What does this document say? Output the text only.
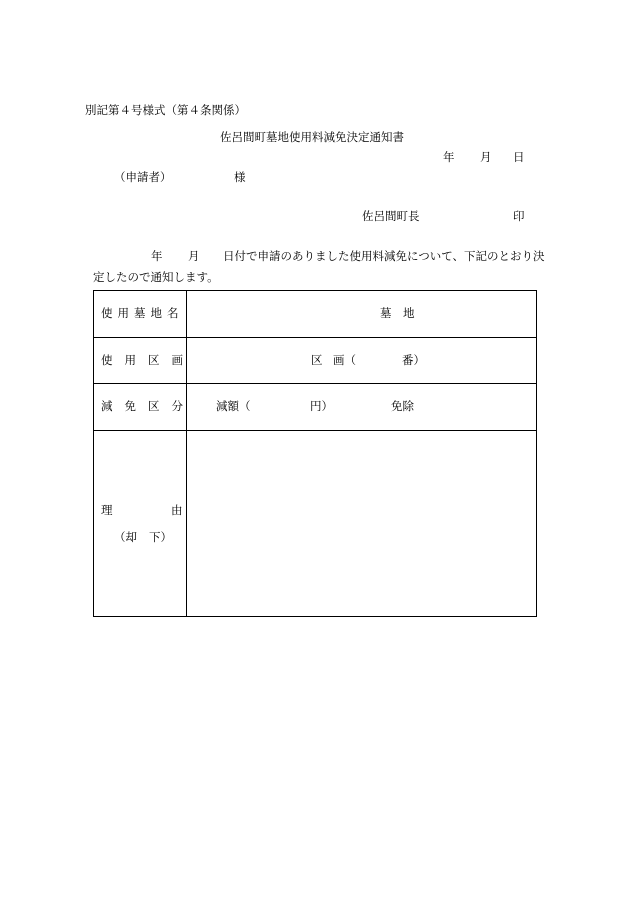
別記第４号様式（第４条関係）
佐呂間町墓地使用料減免決定通知書
年 月 日
（申請者）	様
佐呂間町長	印
年 月 日付で申請のありました使用料減免について、下記のとおり決
定したので通知します。
使用墓地名	墓 地

使用区画	区 画（ 番）

減免区分	減額（ 円） 免除

理 由
（却 下）	
